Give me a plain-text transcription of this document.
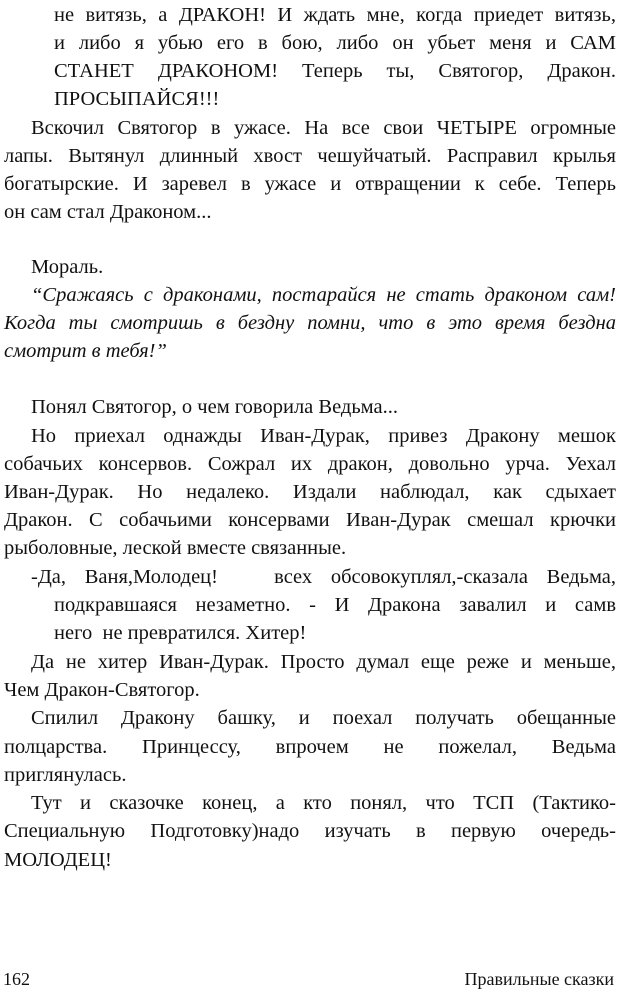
не витязь, а ДРАКОН! И ждать мне, когда приедет витязь,
и либо я убью его в бою, либо он убьет меня и САМ
СТАНЕТ ДРАКОНОМ! Теперь ты, Святогор, Дракон.
ПРОСЫПАЙСЯ!!!
Вскочил Святогор в ужасе. На все свои ЧЕТЫРЕ огромные
лапы. Вытянул длинный хвост чешуйчатый. Расправил крылья
богатырские. И заревел в ужасе и отвращении к себе. Теперь
он сам стал Драконом...
Мораль.
“Сражаясь с драконами, постарайся не стать драконом сам!
Когда ты смотришь в бездну помни, что в это время бездна
смотрит в тебя!”
Понял Святогор, о чем говорила Ведьма...
Но приехал однажды Иван-Дурак, привез Дракону мешок
собачьих консервов. Сожрал их дракон, довольно урча. Уехал
Иван-Дурак. Но недалеко. Издали наблюдал, как сдыхает
Дракон. С собачьими консервами Иван-Дурак смешал крючки
рыболовные, леской вместе связанные.
-Да, Ваня,Молодец!   всех обсовокуплял,-сказала Ведьма,
подкравшаяся незаметно. - И Дракона завалил и самв
него  не превратился. Хитер!
Да не хитер Иван-Дурак. Просто думал еще реже и меньше,
Чем Дракон-Святогор.
Спилил Дракону башку, и поехал получать обещанные
полцарства. Принцессу, впрочем не пожелал, Ведьма
приглянулась.
Тут и сказочке конец, а кто понял, что ТСП (Тактико-
Специальную Подготовку)надо изучать в первую очередь-
МОЛОДЕЦ!
162	Правильные сказки
